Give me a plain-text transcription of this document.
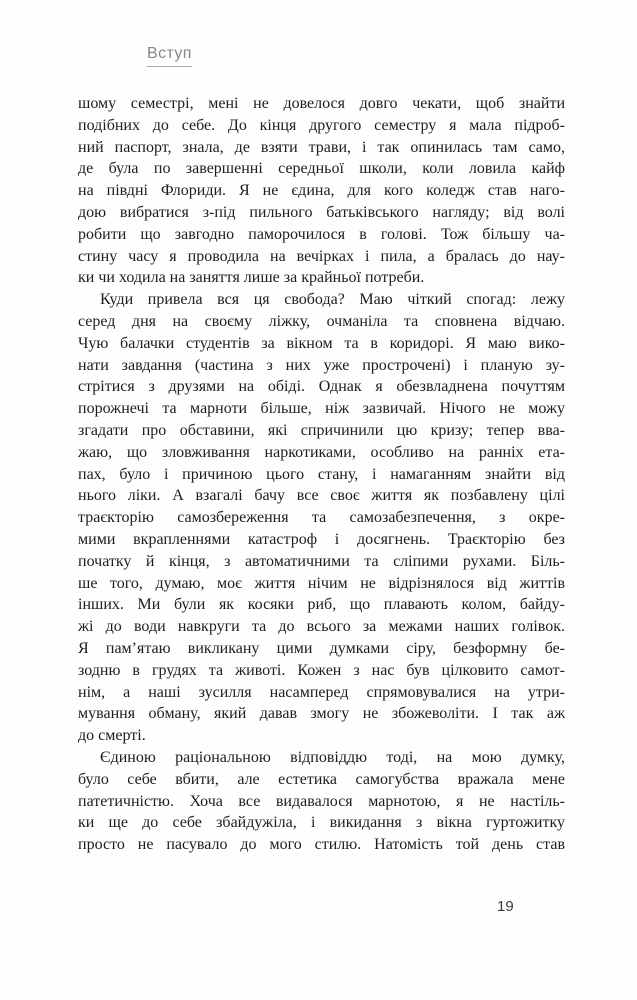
Вступ
шому семестрі, мені не довелося довго чекати, щоб знайти
подібних до себе. До кінця другого семестру я мала підроб-
ний паспорт, знала, де взяти трави, і так опинилась там само,
де була по завершенні середньої школи, коли ловила кайф
на півдні Флориди. Я не єдина, для кого коледж став наго-
дою вибратися з-під пильного батьківського нагляду; від волі
робити що завгодно паморочилося в голові. Тож більшу ча-
стину часу я проводила на вечірках і пила, а бралась до нау-
ки чи ходила на заняття лише за крайньої потреби.
Куди привела вся ця свобода? Маю чіткий спогад: лежу
серед дня на своєму ліжку, очманіла та сповнена відчаю.
Чую балачки студентів за вікном та в коридорі. Я маю вико-
нати завдання (частина з них уже прострочені) і планую зу-
стрітися з друзями на обіді. Однак я обезвладнена почуттям
порожнечі та марноти більше, ніж зазвичай. Нічого не можу
згадати про обставини, які спричинили цю кризу; тепер вва-
жаю, що зловживання наркотиками, особливо на ранніх ета-
пах, було і причиною цього стану, і намаганням знайти від
нього ліки. А взагалі бачу все своє життя як позбавлену цілі
траєкторію самозбереження та самозабезпечення, з окре-
мими вкрапленнями катастроф і досягнень. Траєкторію без
початку й кінця, з автоматичними та сліпими рухами. Біль-
ше того, думаю, моє життя нічим не відрізнялося від життів
інших. Ми були як косяки риб, що плавають колом, байду-
жі до води навкруги та до всього за межами наших голівок.
Я пам’ятаю викликану цими думками сіру, безформну бе-
зодню в грудях та животі. Кожен з нас був цілковито самот-
нім, а наші зусилля насамперед спрямовувалися на утри-
мування обману, який давав змогу не збожеволіти. І так аж
до смерті.
Єдиною раціональною відповіддю тоді, на мою думку,
було себе вбити, але естетика самогубства вражала мене
патетичністю. Хоча все видавалося марнотою, я не настіль-
ки ще до себе збайдужіла, і викидання з вікна гуртожитку
просто не пасувало до мого стилю. Натомість той день став
19
